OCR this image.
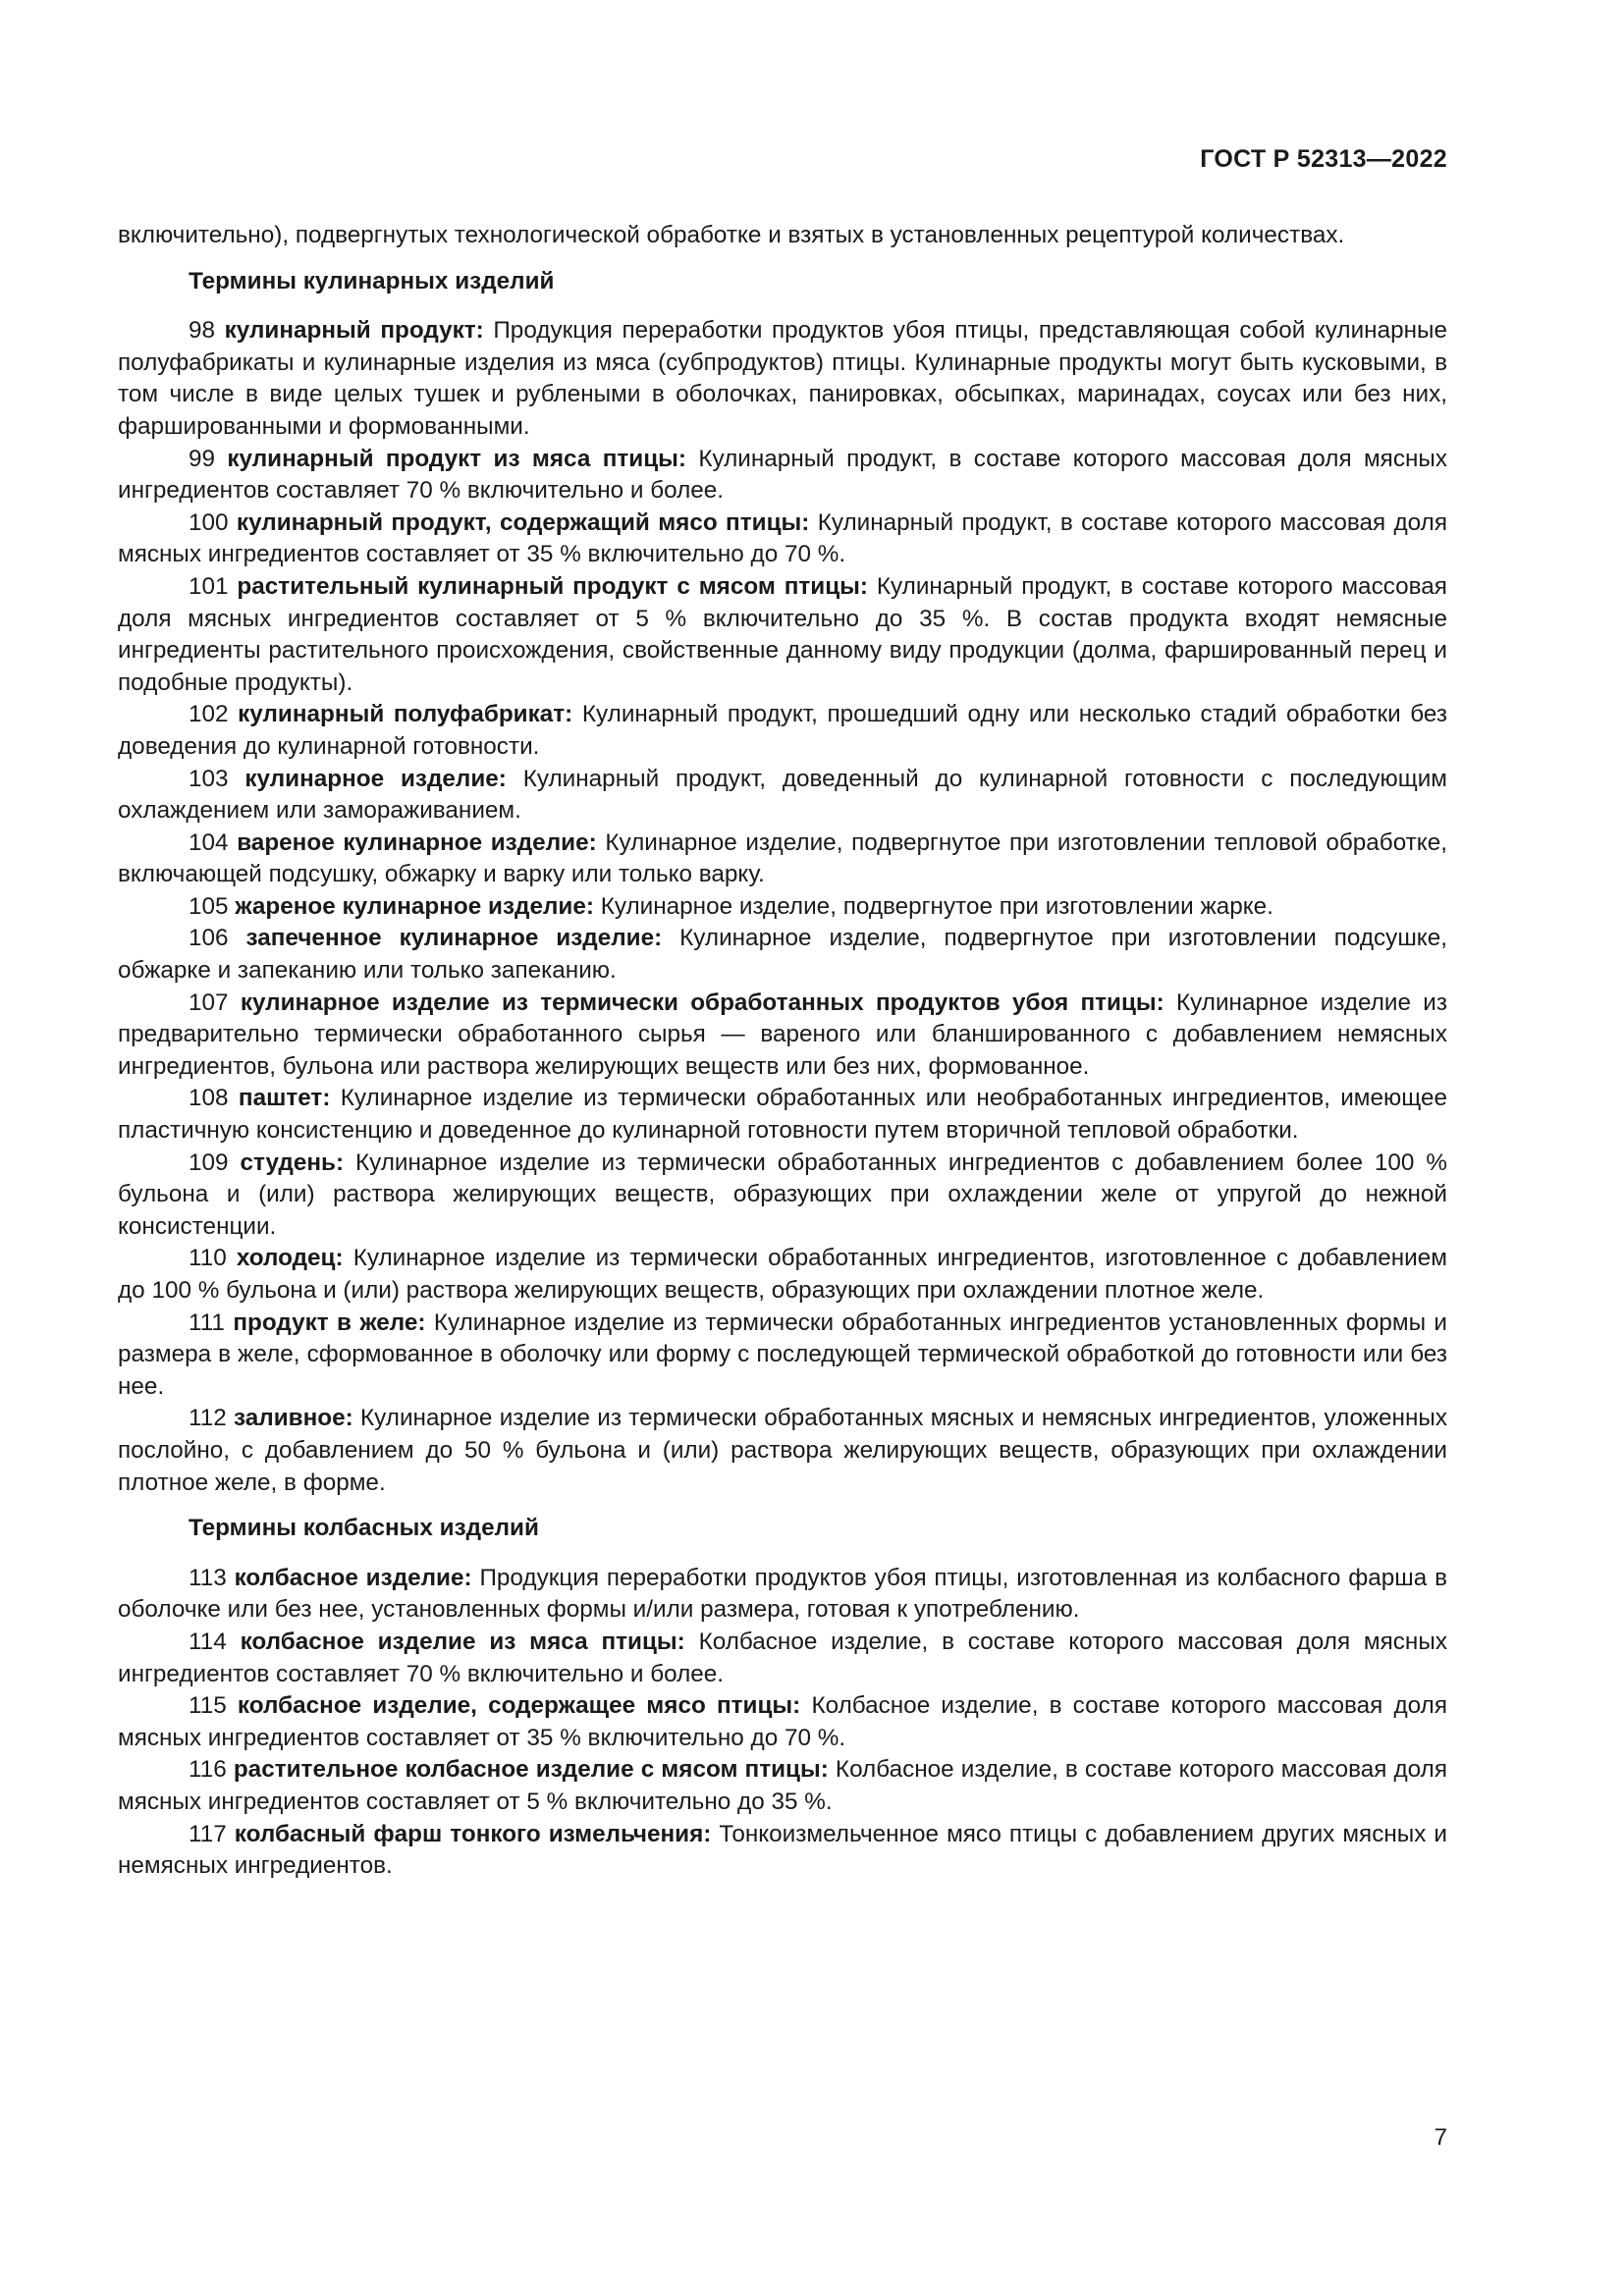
ГОСТ Р 52313—2022

включительно), подвергнутых технологической обработке и взятых в установленных рецептурой количествах.

Термины кулинарных изделий

98 кулинарный продукт: Продукция переработки продуктов убоя птицы, представляющая собой кулинарные полуфабрикаты и кулинарные изделия из мяса (субпродуктов) птицы. Кулинарные продукты могут быть кусковыми, в том числе в виде целых тушек и рублеными в оболочках, панировках, обсыпках, маринадах, соусах или без них, фаршированными и формованными.

99 кулинарный продукт из мяса птицы: Кулинарный продукт, в составе которого массовая доля мясных ингредиентов составляет 70 % включительно и более.

100 кулинарный продукт, содержащий мясо птицы: Кулинарный продукт, в составе которого массовая доля мясных ингредиентов составляет от 35 % включительно до 70 %.

101 растительный кулинарный продукт с мясом птицы: Кулинарный продукт, в составе которого массовая доля мясных ингредиентов составляет от 5 % включительно до 35 %. В состав продукта входят немясные ингредиенты растительного происхождения, свойственные данному виду продукции (долма, фаршированный перец и подобные продукты).

102 кулинарный полуфабрикат: Кулинарный продукт, прошедший одну или несколько стадий обработки без доведения до кулинарной готовности.

103 кулинарное изделие: Кулинарный продукт, доведенный до кулинарной готовности с последующим охлаждением или замораживанием.

104 вареное кулинарное изделие: Кулинарное изделие, подвергнутое при изготовлении тепловой обработке, включающей подсушку, обжарку и варку или только варку.

105 жареное кулинарное изделие: Кулинарное изделие, подвергнутое при изготовлении жарке.

106 запеченное кулинарное изделие: Кулинарное изделие, подвергнутое при изготовлении подсушке, обжарке и запеканию или только запеканию.

107 кулинарное изделие из термически обработанных продуктов убоя птицы: Кулинарное изделие из предварительно термически обработанного сырья — вареного или бланшированного с добавлением немясных ингредиентов, бульона или раствора желирующих веществ или без них, формованное.

108 паштет: Кулинарное изделие из термически обработанных или необработанных ингредиентов, имеющее пластичную консистенцию и доведенное до кулинарной готовности путем вторичной тепловой обработки.

109 студень: Кулинарное изделие из термически обработанных ингредиентов с добавлением более 100 % бульона и (или) раствора желирующих веществ, образующих при охлаждении желе от упругой до нежной консистенции.

110 холодец: Кулинарное изделие из термически обработанных ингредиентов, изготовленное с добавлением до 100 % бульона и (или) раствора желирующих веществ, образующих при охлаждении плотное желе.

111 продукт в желе: Кулинарное изделие из термически обработанных ингредиентов установленных формы и размера в желе, сформованное в оболочку или форму с последующей термической обработкой до готовности или без нее.

112 заливное: Кулинарное изделие из термически обработанных мясных и немясных ингредиентов, уложенных послойно, с добавлением до 50 % бульона и (или) раствора желирующих веществ, образующих при охлаждении плотное желе, в форме.

Термины колбасных изделий

113 колбасное изделие: Продукция переработки продуктов убоя птицы, изготовленная из колбасного фарша в оболочке или без нее, установленных формы и/или размера, готовая к употреблению.

114 колбасное изделие из мяса птицы: Колбасное изделие, в составе которого массовая доля мясных ингредиентов составляет 70 % включительно и более.

115 колбасное изделие, содержащее мясо птицы: Колбасное изделие, в составе которого массовая доля мясных ингредиентов составляет от 35 % включительно до 70 %.

116 растительное колбасное изделие с мясом птицы: Колбасное изделие, в составе которого массовая доля мясных ингредиентов составляет от 5 % включительно до 35 %.

117 колбасный фарш тонкого измельчения: Тонкоизмельченное мясо птицы с добавлением других мясных и немясных ингредиентов.

7
